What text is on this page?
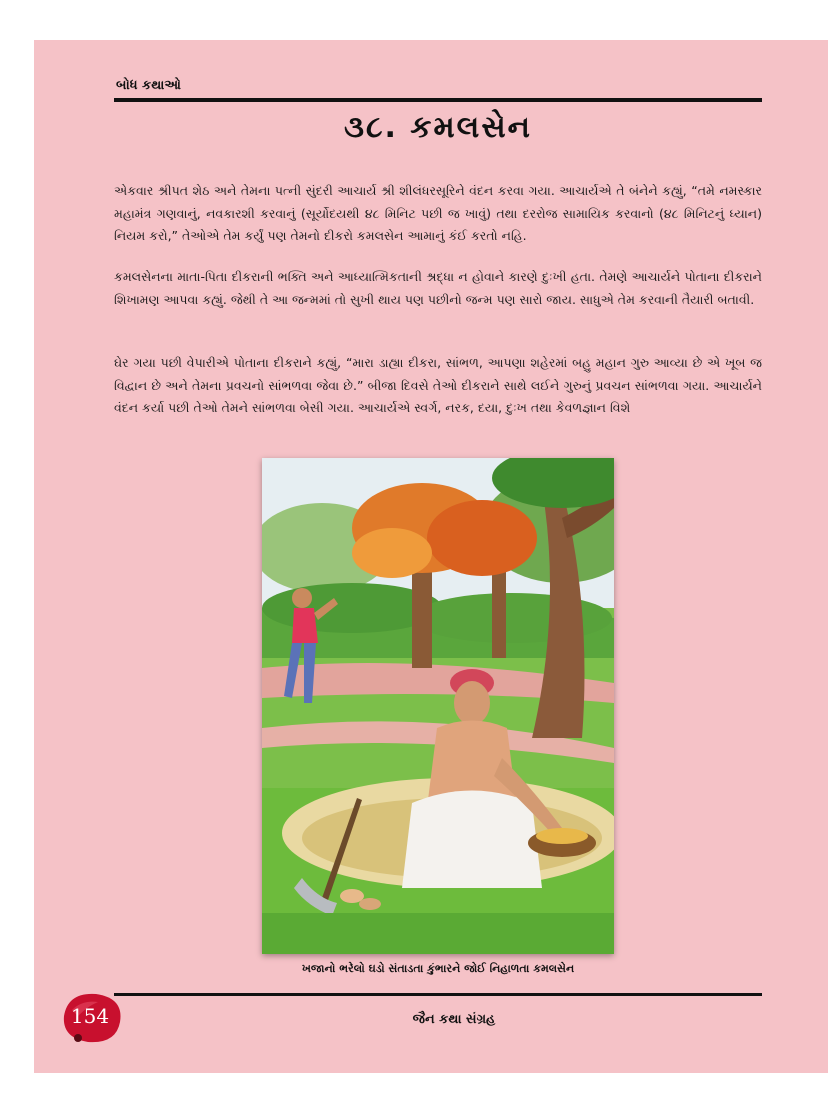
બોધ કથાઓ
૩૮. કમલસેન

એકવાર શ્રીપત શેઠ અને તેમના પત્ની સુંદરી આચાર્ય શ્રી શીલંધરસૂરિને વંદન કરવા ગયા. આચાર્યએ તે બંનેને કહ્યું, “તમે નમસ્કાર મહામંત્ર ગણવાનું, નવકારશી કરવાનું (સૂર્યોદયથી ૪૮ મિનિટ પછી જ ખાવું) તથા દરરોજ સામાયિક કરવાનો (૪૮ મિનિટનું ધ્યાન) નિયમ કરો,” તેઓએ તેમ કર્યું પણ તેમનો દીકરો કમલસેન આમાનું કંઈ કરતો નહિ.

કમલસેનના માતા-પિતા દીકરાની ભક્તિ અને આધ્યાત્મિકતાની શ્રદ્ધા ન હોવાને કારણે દુઃખી હતા. તેમણે આચાર્યને પોતાના દીકરાને શિખામણ આપવા કહ્યું. જેથી તે આ જન્મમાં તો સુખી થાય પણ પછીનો જન્મ પણ સારો જાય. સાધુએ તેમ કરવાની તૈયારી બતાવી.

ઘેર ગયા પછી વેપારીએ પોતાના દીકરાને કહ્યું, “મારા ડાહ્યા દીકરા, સાંભળ, આપણા શહેરમાં બહુ મહાન ગુરુ આવ્યા છે એ ખૂબ જ વિદ્વાન છે અને તેમના પ્રવચનો સાંભળવા જેવા છે.” બીજા દિવસે તેઓ દીકરાને સાથે લઈને ગુરુનું પ્રવચન સાંભળવા ગયા. આચાર્યને વંદન કર્યા પછી તેઓ તેમને સાંભળવા બેસી ગયા. આચાર્યએ સ્વર્ગ, નરક, દયા, દુઃખ તથા કેવળજ્ઞાન વિશે

ખજાનો ભરેલો ઘડો સંતાડતા કુંભારને જોઈ નિહાળતા કમલસેન
154	જૈન કથા સંગ્રહ
